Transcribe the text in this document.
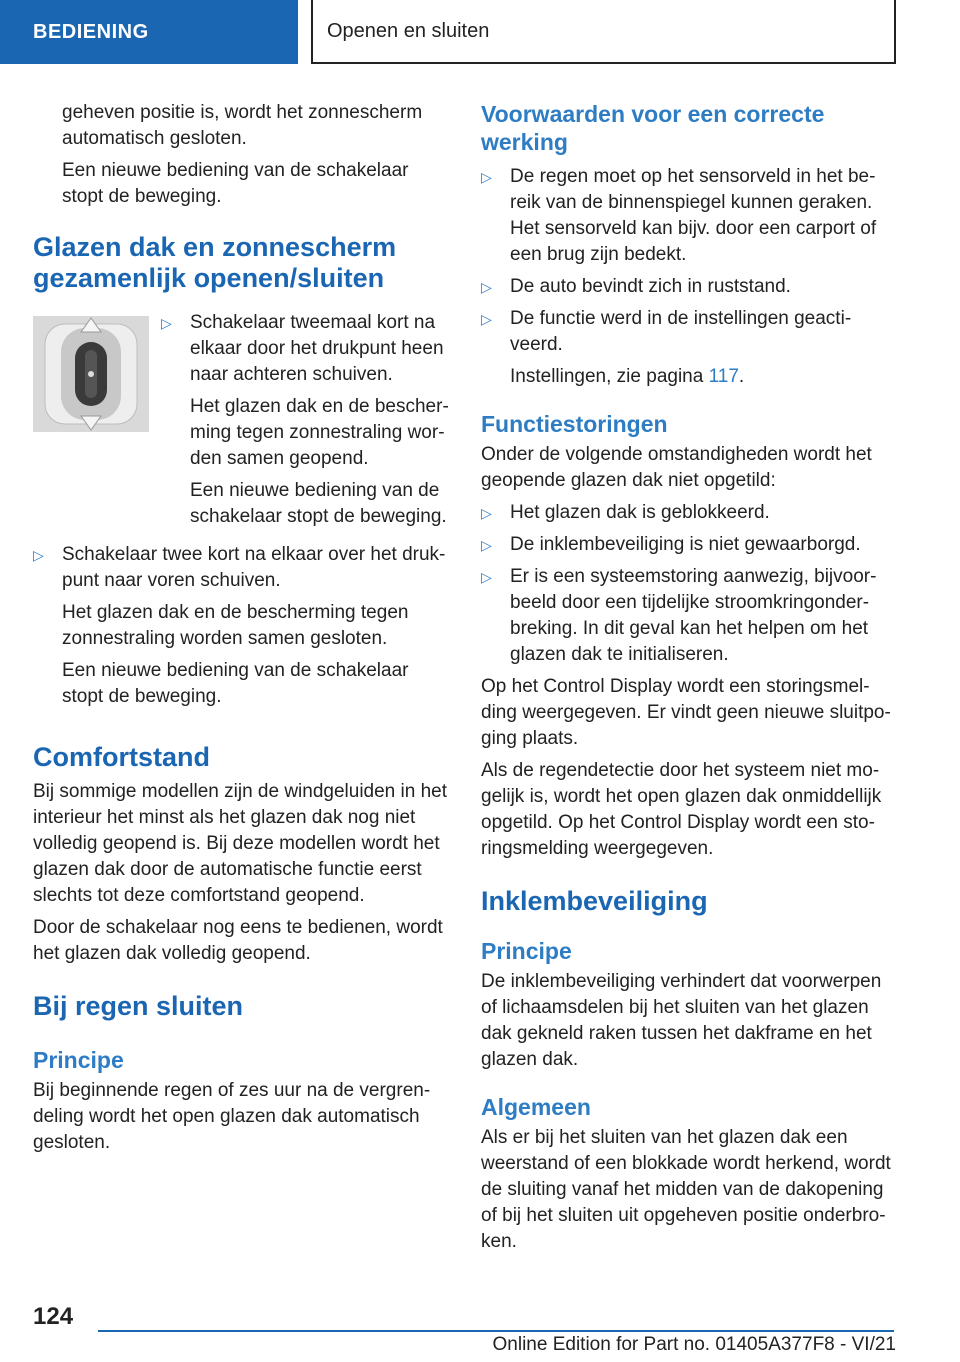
BEDIENING	Openen en sluiten

geheven positie is, wordt het zonnescherm automatisch gesloten.

Een nieuwe bediening van de schakelaar stopt de beweging.

Glazen dak en zonnescherm gezamenlijk openen/sluiten
▷ Schakelaar tweemaal kort na elkaar door het drukpunt heen naar achteren schuiven.

Het glazen dak en de bescherming tegen zonnestraling worden samen geopend.

Een nieuwe bediening van de schakelaar stopt de beweging.

▷ Schakelaar twee kort na elkaar over het drukpunt naar voren schuiven.

Het glazen dak en de bescherming tegen zonnestraling worden samen gesloten.

Een nieuwe bediening van de schakelaar stopt de beweging.

Comfortstand

Bij sommige modellen zijn de windgeluiden in het interieur het minst als het glazen dak nog niet volledig geopend is. Bij deze modellen wordt het glazen dak door de automatische functie eerst slechts tot deze comfortstand geopend.

Door de schakelaar nog eens te bedienen, wordt het glazen dak volledig geopend.

Bij regen sluiten
Principe

Bij beginnende regen of zes uur na de vergrendeling wordt het open glazen dak automatisch gesloten.

Voorwaarden voor een correcte werking
▷ De regen moet op het sensorveld in het bereik van de binnenspiegel kunnen geraken. Het sensorveld kan bijv. door een carport of een brug zijn bedekt.

▷ De auto bevindt zich in ruststand.

▷ De functie werd in de instellingen geactiveerd.

Instellingen, zie pagina 117.

Functiestoringen

Onder de volgende omstandigheden wordt het geopende glazen dak niet opgetild:

▷ Het glazen dak is geblokkeerd.

▷ De inklembeveiliging is niet gewaarborgd.

▷ Er is een systeemstoring aanwezig, bijvoorbeeld door een tijdelijke stroomkringonderbreking. In dit geval kan het helpen om het glazen dak te initialiseren.

Op het Control Display wordt een storingsmelding weergegeven. Er vindt geen nieuwe sluitpoging plaats.

Als de regendetectie door het systeem niet mogelijk is, wordt het open glazen dak onmiddellijk opgetild. Op het Control Display wordt een storingsmelding weergegeven.

Inklembeveiliging
Principe

De inklembeveiliging verhindert dat voorwerpen of lichaamsdelen bij het sluiten van het glazen dak gekneld raken tussen het dakframe en het glazen dak.

Algemeen

Als er bij het sluiten van het glazen dak een weerstand of een blokkade wordt herkend, wordt de sluiting vanaf het midden van de dakopening of bij het sluiten uit opgeheven positie onderbroken.

124
Online Edition for Part no. 01405A377F8 - VI/21
